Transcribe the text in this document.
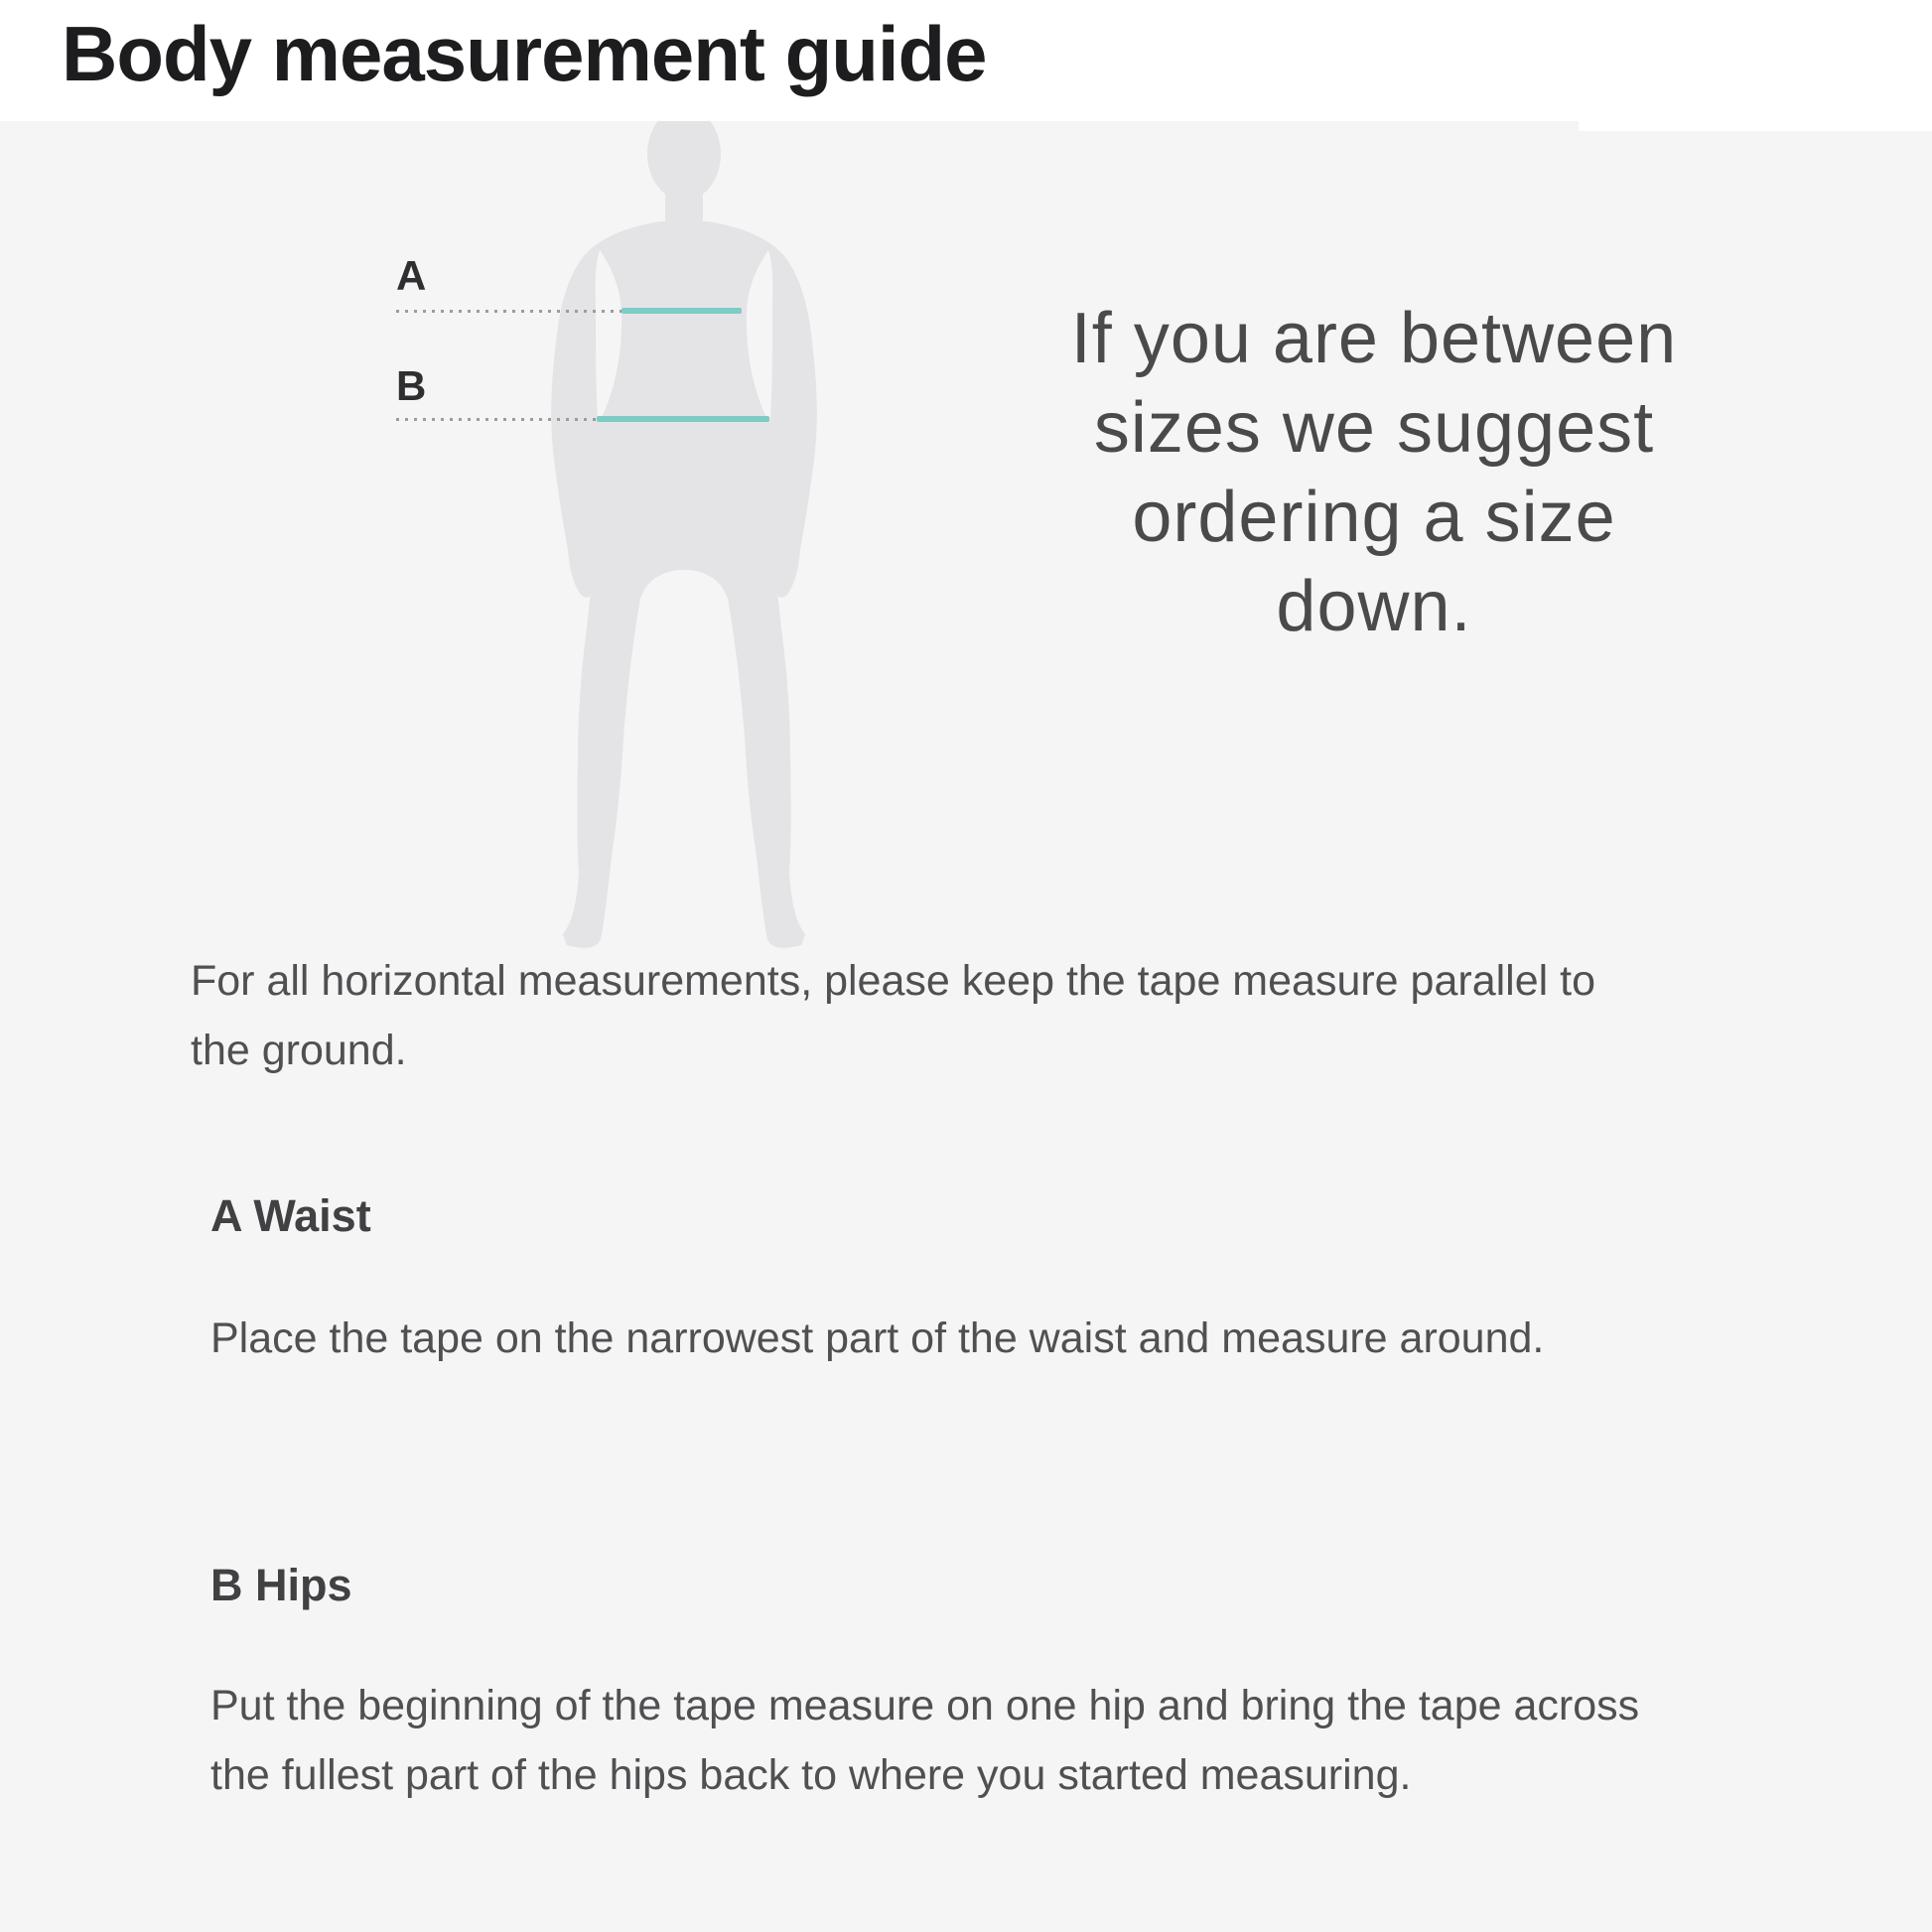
Body measurement guide
A
B
If you are between
sizes we suggest
ordering a size
down.
For all horizontal measurements, please keep the tape measure parallel to
the ground.
A Waist
Place the tape on the narrowest part of the waist and measure around.
B Hips
Put the beginning of the tape measure on one hip and bring the tape across
the fullest part of the hips back to where you started measuring.
